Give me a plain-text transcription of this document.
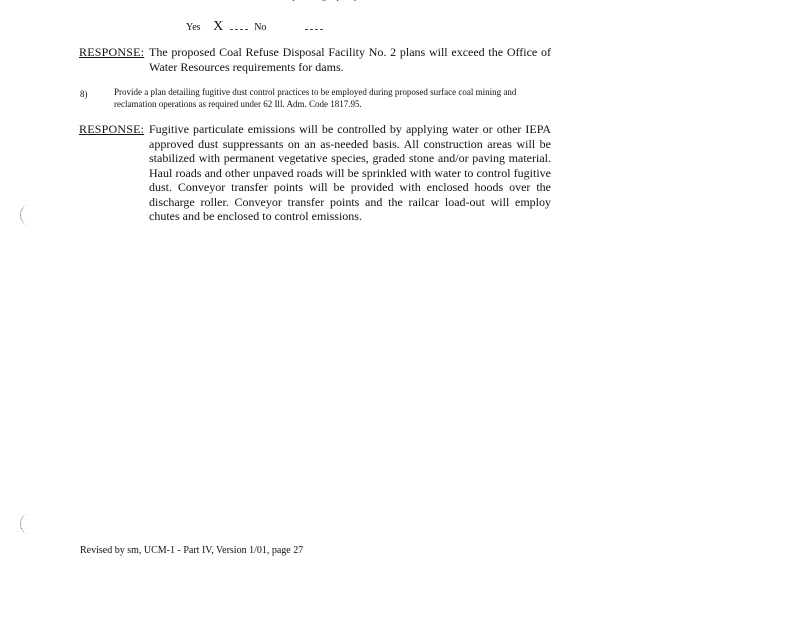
Yes X	No
RESPONSE: The proposed Coal Refuse Disposal Facility No. 2 plans will exceed the Office of Water Resources requirements for dams.
8)	Provide a plan detailing fugitive dust control practices to be employed during proposed surface coal mining and reclamation operations as required under 62 Ill. Adm. Code 1817.95.
RESPONSE: Fugitive particulate emissions will be controlled by applying water or other IEPA approved dust suppressants on an as-needed basis. All construction areas will be stabilized with permanent vegetative species, graded stone and/or paving material. Haul roads and other unpaved roads will be sprinkled with water to control fugitive dust. Conveyor transfer points will be provided with enclosed hoods over the discharge roller. Conveyor transfer points and the railcar load-out will employ chutes and be enclosed to control emissions.
Revised by sm, UCM-1 - Part IV, Version 1/01, page 27
